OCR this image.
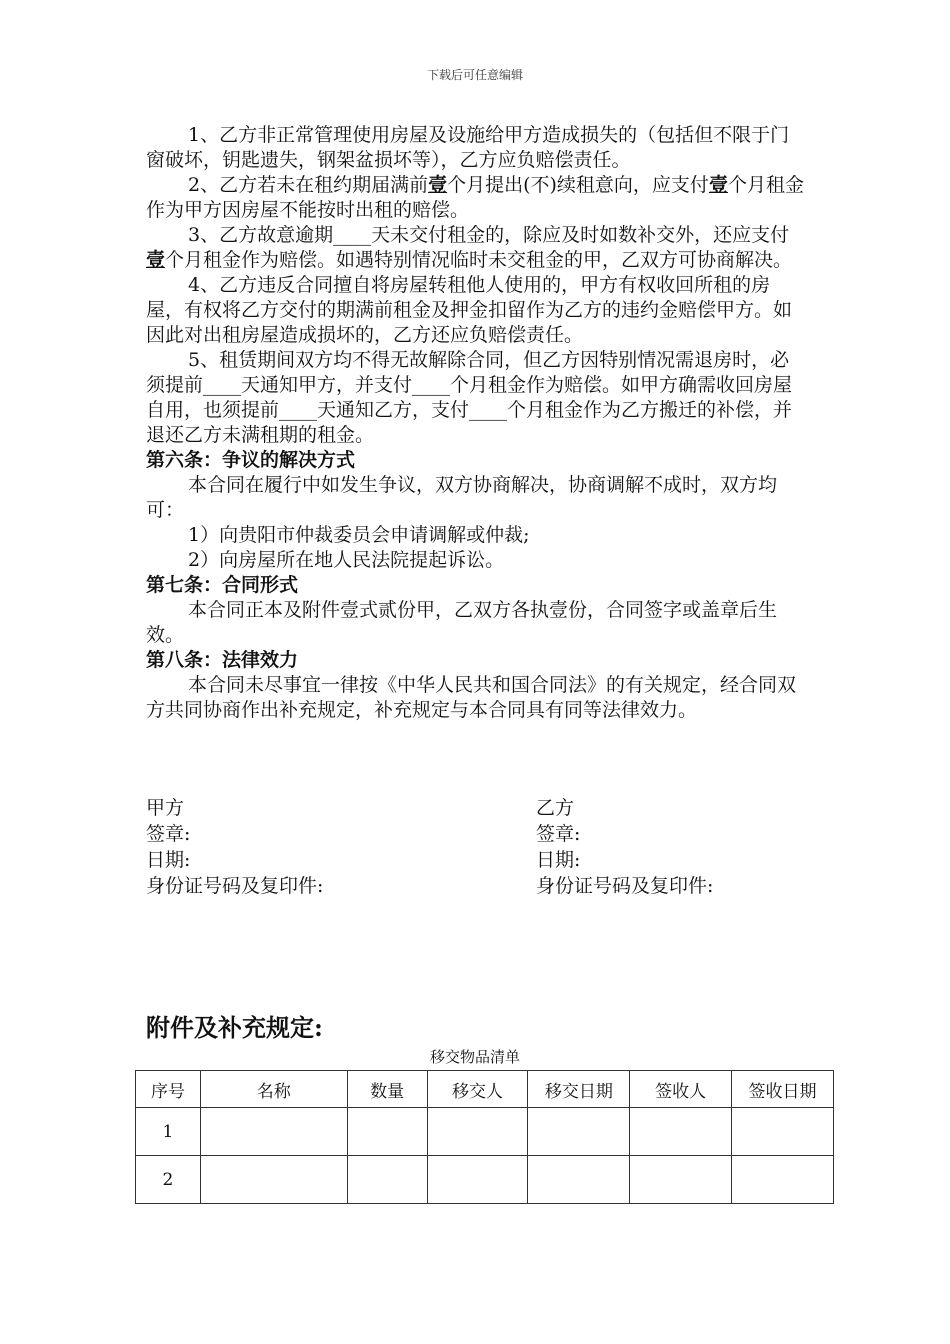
下载后可任意编辑

1、乙方非正常管理使用房屋及设施给甲方造成损失的（包括但不限于门窗破坏，钥匙遗失，钢架盆损坏等），乙方应负赔偿责任。

2、乙方若未在租约期届满前壹个月提出(不)续租意向，应支付壹个月租金作为甲方因房屋不能按时出租的赔偿。

3、乙方故意逾期____天未交付租金的，除应及时如数补交外，还应支付壹个月租金作为赔偿。如遇特别情况临时未交租金的甲，乙双方可协商解决。

4、乙方违反合同擅自将房屋转租他人使用的，甲方有权收回所租的房屋，有权将乙方交付的期满前租金及押金扣留作为乙方的违约金赔偿甲方。如因此对出租房屋造成损坏的，乙方还应负赔偿责任。

5、租赁期间双方均不得无故解除合同，但乙方因特别情况需退房时，必须提前____天通知甲方，并支付____个月租金作为赔偿。如甲方确需收回房屋自用，也须提前____天通知乙方，支付____个月租金作为乙方搬迁的补偿，并退还乙方未满租期的租金。

第六条：争议的解决方式

本合同在履行中如发生争议，双方协商解决，协商调解不成时，双方均可：

1）向贵阳市仲裁委员会申请调解或仲裁;

2）向房屋所在地人民法院提起诉讼。

第七条：合同形式

本合同正本及附件壹式贰份甲，乙双方各执壹份，合同签字或盖章后生效。

第八条：法律效力

本合同未尽事宜一律按《中华人民共和国合同法》的有关规定，经合同双方共同协商作出补充规定，补充规定与本合同具有同等法律效力。

甲方	乙方
签章:	签章:
日期:	日期:
身份证号码及复印件:	身份证号码及复印件:
附件及补充规定:
移交物品清单
序号	名称	数量	移交人	移交日期	签收人	签收日期
1						
2						
